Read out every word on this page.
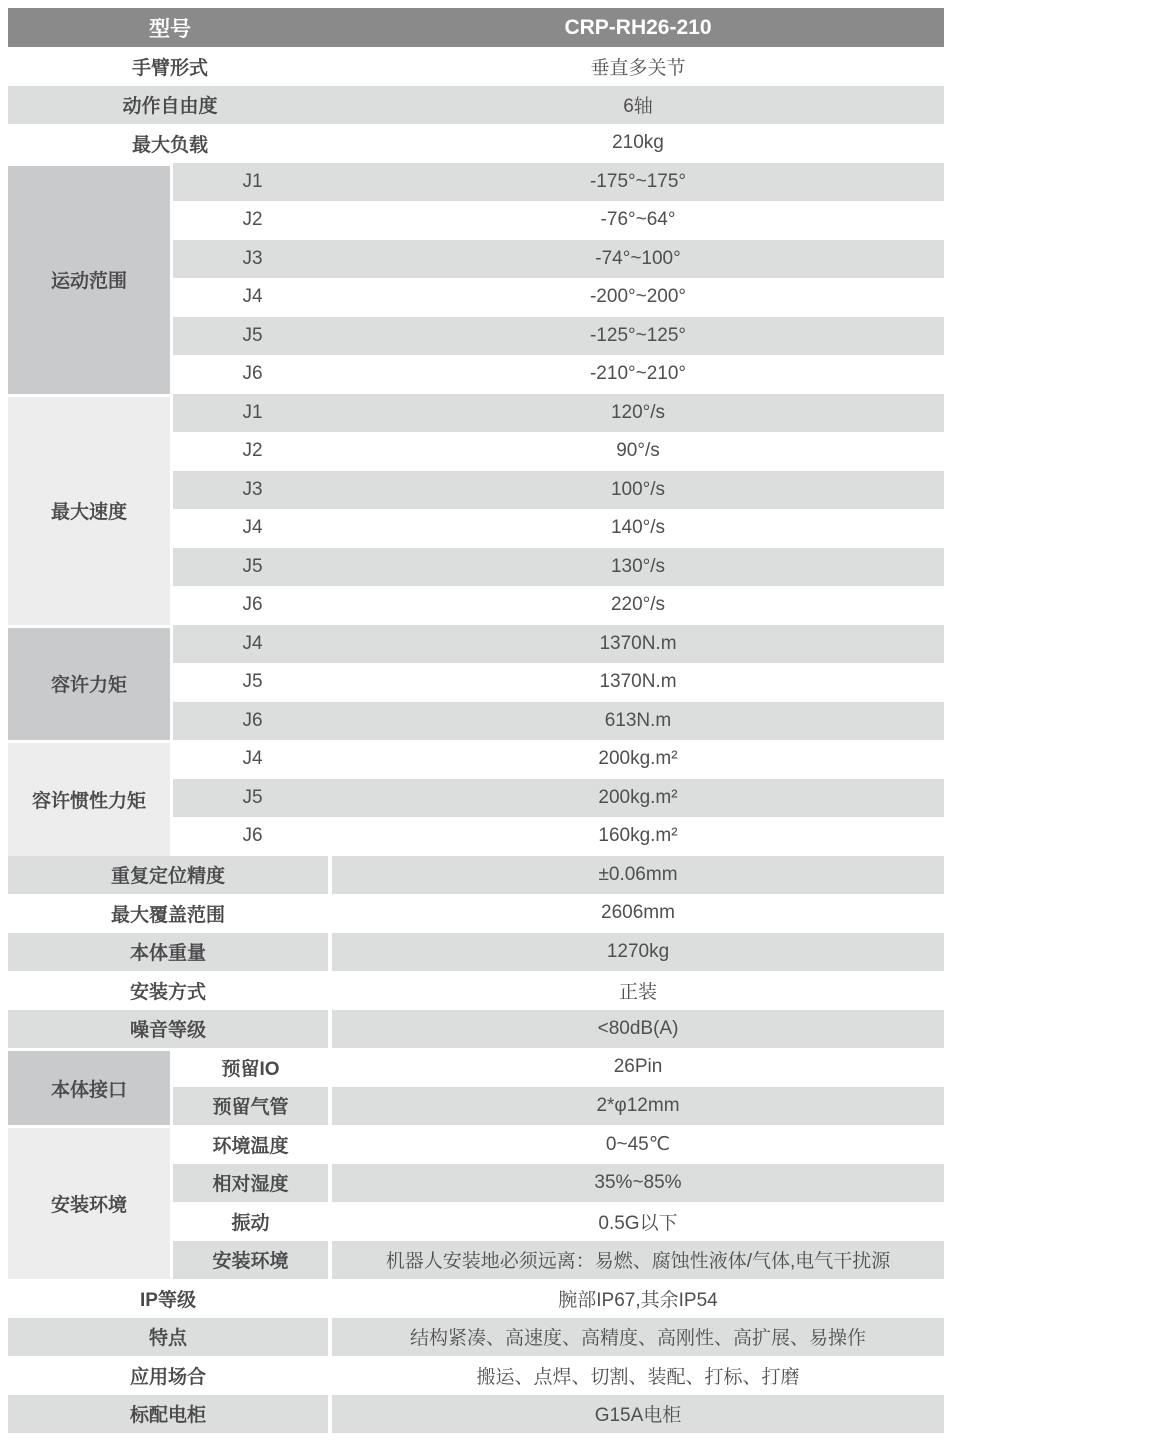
型号	CRP-RH26-210
手臂形式	垂直多关节
动作自由度	6轴
最大负载	210kg
运动范围
J1	-175°~175°
J2	-76°~64°
J3	-74°~100°
J4	-200°~200°
J5	-125°~125°
J6	-210°~210°
最大速度
J1	120°/s
J2	90°/s
J3	100°/s
J4	140°/s
J5	130°/s
J6	220°/s
容许力矩
J4	1370N.m
J5	1370N.m
J6	613N.m
容许惯性力矩
J4	200kg.m²
J5	200kg.m²
J6	160kg.m²
重复定位精度	±0.06mm
最大覆盖范围	2606mm
本体重量	1270kg
安装方式	正装
噪音等级	<80dB(A)
本体接口
预留IO	26Pin
预留气管	2*φ12mm
安装环境
环境温度	0~45℃
相对湿度	35%~85%
振动	0.5G以下
安装环境	机器人安装地必须远离：易燃、腐蚀性液体/气体,电气干扰源
IP等级	腕部IP67,其余IP54
特点	结构紧凑、高速度、高精度、高刚性、高扩展、易操作
应用场合	搬运、点焊、切割、装配、打标、打磨
标配电柜	G15A电柜
